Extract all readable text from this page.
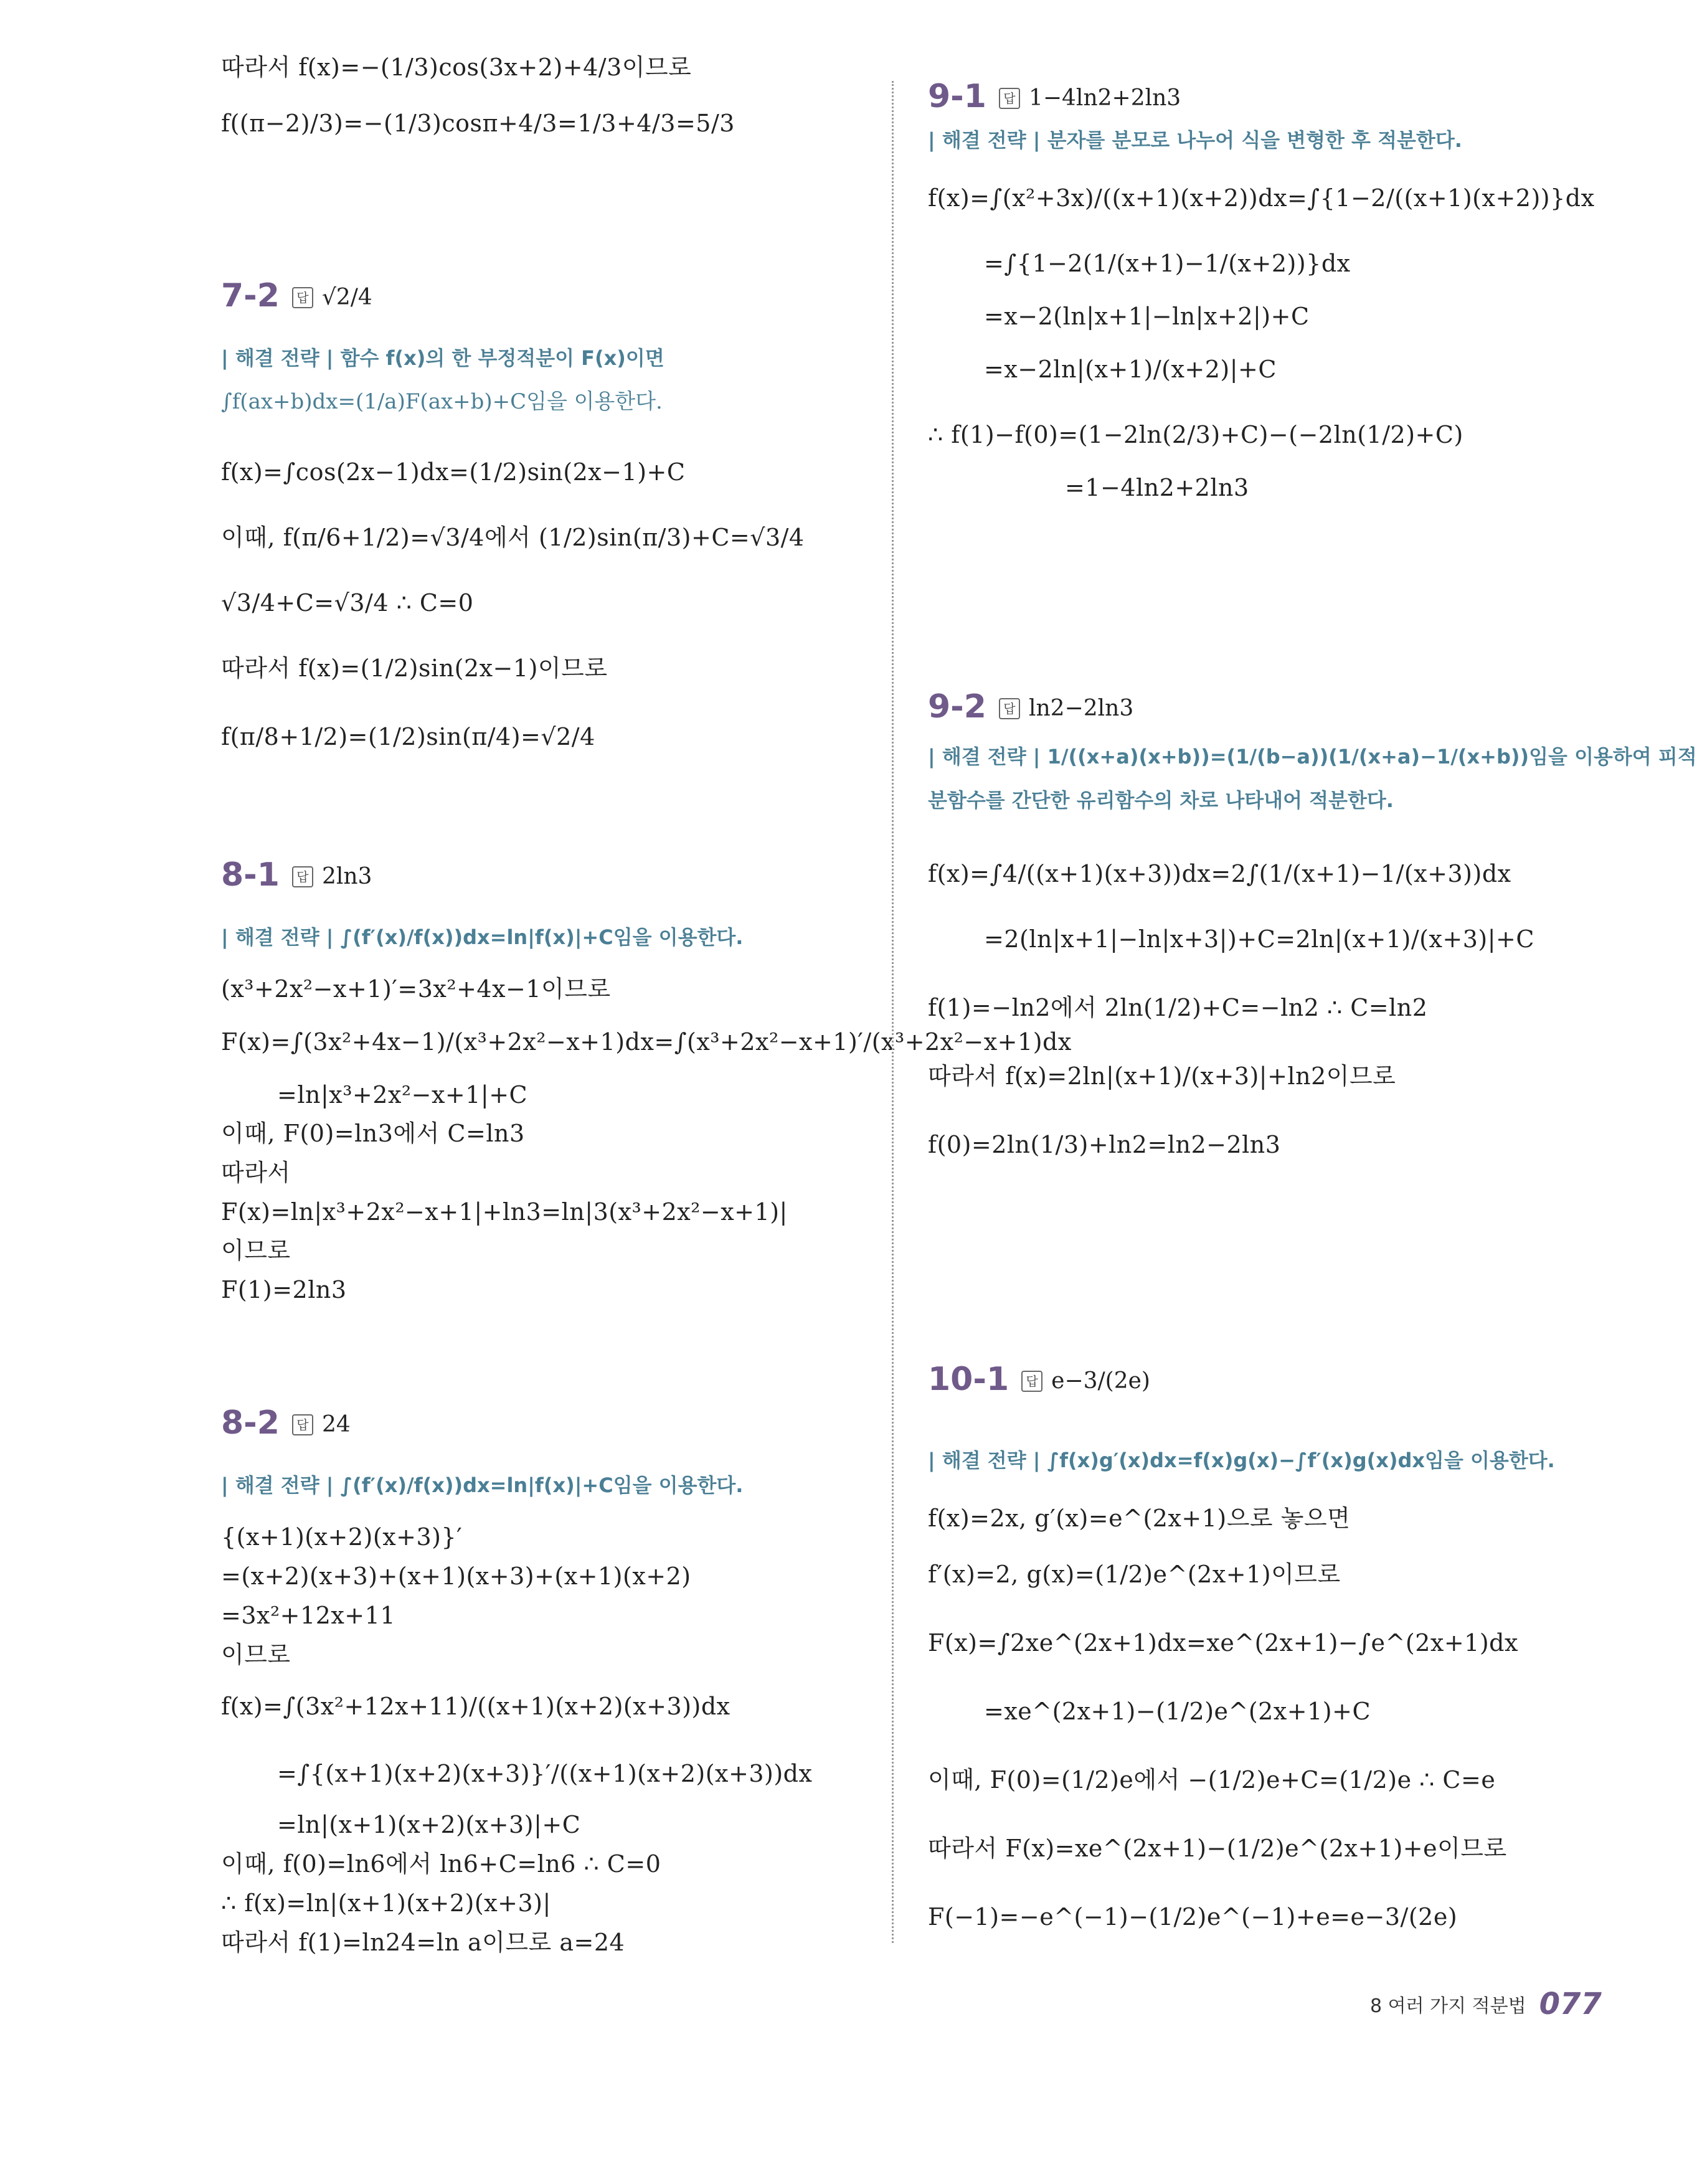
따라서 f(x)=−(1/3)cos(3x+2)+4/3이므로
f((π−2)/3)=−(1/3)cosπ+4/3=1/3+4/3=5/3
7-2 답 √2/4
| 해결 전략 | 함수 f(x)의 한 부정적분이 F(x)이면
∫f(ax+b)dx=(1/a)F(ax+b)+C임을 이용한다.
f(x)=∫cos(2x−1)dx=(1/2)sin(2x−1)+C
이때, f(π/6+1/2)=√3/4에서 (1/2)sin(π/3)+C=√3/4
√3/4+C=√3/4 ∴ C=0
따라서 f(x)=(1/2)sin(2x−1)이므로
f(π/8+1/2)=(1/2)sin(π/4)=√2/4
8-1 답 2ln3
| 해결 전략 | ∫(f′(x)/f(x))dx=ln|f(x)|+C임을 이용한다.
(x³+2x²−x+1)′=3x²+4x−1이므로
F(x)=∫(3x²+4x−1)/(x³+2x²−x+1)dx=∫(x³+2x²−x+1)′/(x³+2x²−x+1)dx
=ln|x³+2x²−x+1|+C
이때, F(0)=ln3에서 C=ln3
따라서
F(x)=ln|x³+2x²−x+1|+ln3=ln|3(x³+2x²−x+1)|
이므로
F(1)=2ln3
8-2 답 24
| 해결 전략 | ∫(f′(x)/f(x))dx=ln|f(x)|+C임을 이용한다.
{(x+1)(x+2)(x+3)}′
=(x+2)(x+3)+(x+1)(x+3)+(x+1)(x+2)
=3x²+12x+11
이므로
f(x)=∫(3x²+12x+11)/((x+1)(x+2)(x+3))dx
=∫{(x+1)(x+2)(x+3)}′/((x+1)(x+2)(x+3))dx
=ln|(x+1)(x+2)(x+3)|+C
이때, f(0)=ln6에서 ln6+C=ln6 ∴ C=0
∴ f(x)=ln|(x+1)(x+2)(x+3)|
따라서 f(1)=ln24=ln a이므로 a=24
9-1 답 1−4ln2+2ln3
| 해결 전략 | 분자를 분모로 나누어 식을 변형한 후 적분한다.
f(x)=∫(x²+3x)/((x+1)(x+2))dx=∫{1−2/((x+1)(x+2))}dx
=∫{1−2(1/(x+1)−1/(x+2))}dx
=x−2(ln|x+1|−ln|x+2|)+C
=x−2ln|(x+1)/(x+2)|+C
∴ f(1)−f(0)=(1−2ln(2/3)+C)−(−2ln(1/2)+C)
=1−4ln2+2ln3
9-2 답 ln2−2ln3
| 해결 전략 | 1/((x+a)(x+b))=(1/(b−a))(1/(x+a)−1/(x+b))임을 이용하여 피적
분함수를 간단한 유리함수의 차로 나타내어 적분한다.
f(x)=∫4/((x+1)(x+3))dx=2∫(1/(x+1)−1/(x+3))dx
=2(ln|x+1|−ln|x+3|)+C=2ln|(x+1)/(x+3)|+C
f(1)=−ln2에서 2ln(1/2)+C=−ln2 ∴ C=ln2
따라서 f(x)=2ln|(x+1)/(x+3)|+ln2이므로
f(0)=2ln(1/3)+ln2=ln2−2ln3
10-1 답 e−3/(2e)
| 해결 전략 | ∫f(x)g′(x)dx=f(x)g(x)−∫f′(x)g(x)dx임을 이용한다.
f(x)=2x, g′(x)=e^(2x+1)으로 놓으면
f′(x)=2, g(x)=(1/2)e^(2x+1)이므로
F(x)=∫2xe^(2x+1)dx=xe^(2x+1)−∫e^(2x+1)dx
=xe^(2x+1)−(1/2)e^(2x+1)+C
이때, F(0)=(1/2)e에서 −(1/2)e+C=(1/2)e ∴ C=e
따라서 F(x)=xe^(2x+1)−(1/2)e^(2x+1)+e이므로
F(−1)=−e^(−1)−(1/2)e^(−1)+e=e−3/(2e)
8 여러 가지 적분법 077
